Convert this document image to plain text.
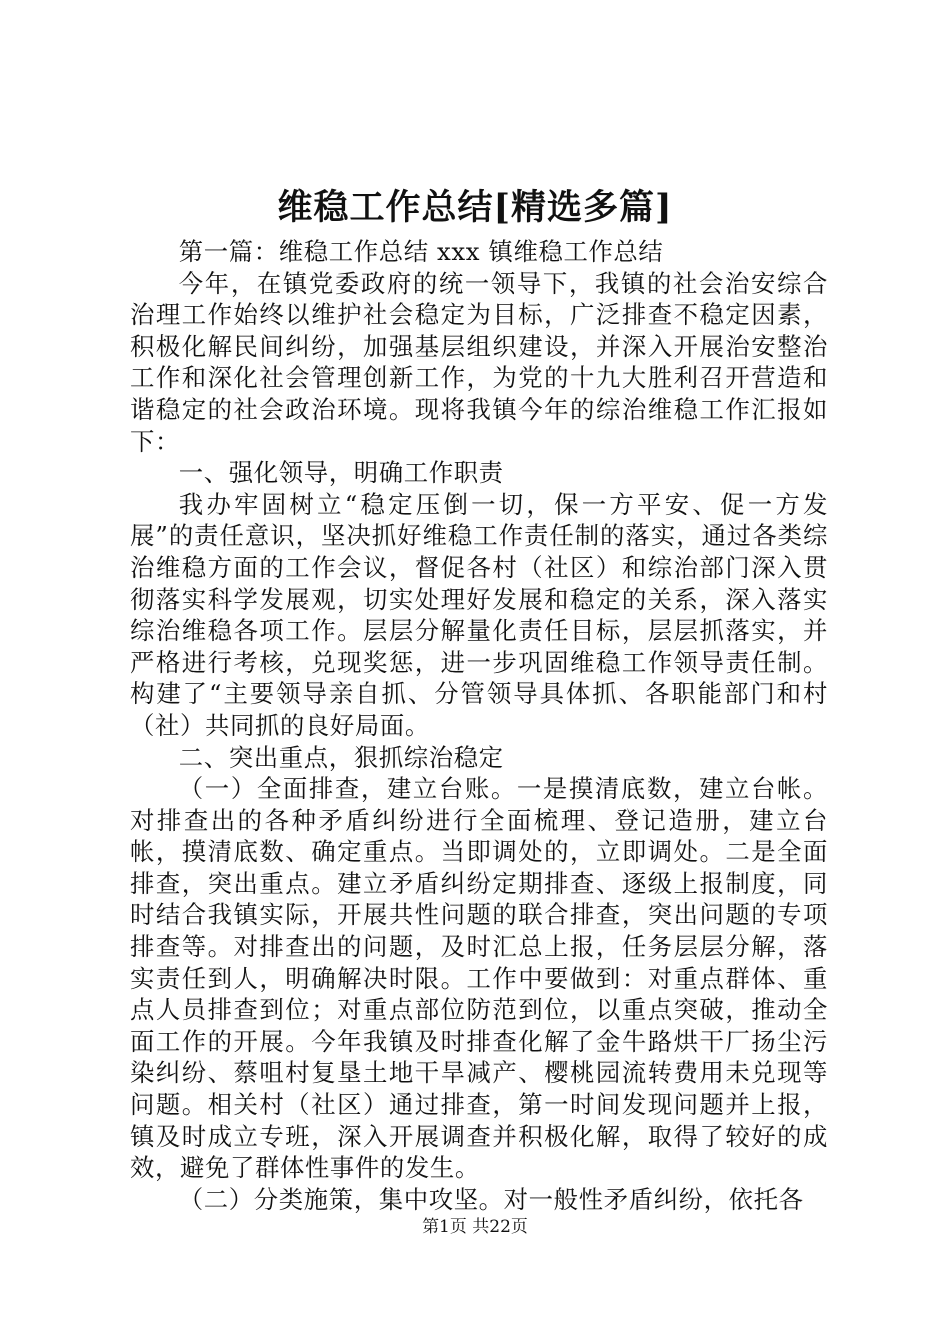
维稳工作总结[精选多篇]

第一篇：维稳工作总结 xxx 镇维稳工作总结

今年，在镇党委政府的统一领导下，我镇的社会治安综合治理工作始终以维护社会稳定为目标，广泛排查不稳定因素，积极化解民间纠纷，加强基层组织建设，并深入开展治安整治工作和深化社会管理创新工作，为党的十九大胜利召开营造和谐稳定的社会政治环境。现将我镇今年的综治维稳工作汇报如下：

一、强化领导，明确工作职责

我办牢固树立“稳定压倒一切，保一方平安、促一方发展”的责任意识，坚决抓好维稳工作责任制的落实，通过各类综治维稳方面的工作会议，督促各村（社区）和综治部门深入贯彻落实科学发展观，切实处理好发展和稳定的关系，深入落实综治维稳各项工作。层层分解量化责任目标，层层抓落实，并严格进行考核，兑现奖惩，进一步巩固维稳工作领导责任制。构建了“主要领导亲自抓、分管领导具体抓、各职能部门和村（社）共同抓的良好局面。

二、突出重点，狠抓综治稳定

（一）全面排查，建立台账。一是摸清底数，建立台帐。对排查出的各种矛盾纠纷进行全面梳理、登记造册，建立台帐，摸清底数、确定重点。当即调处的，立即调处。二是全面排查，突出重点。建立矛盾纠纷定期排查、逐级上报制度，同时结合我镇实际，开展共性问题的联合排查，突出问题的专项排查等。对排查出的问题，及时汇总上报，任务层层分解，落实责任到人，明确解决时限。工作中要做到：对重点群体、重点人员排查到位；对重点部位防范到位，以重点突破，推动全面工作的开展。今年我镇及时排查化解了金牛路烘干厂扬尘污染纠纷、蔡咀村复垦土地干旱减产、樱桃园流转费用未兑现等问题。相关村（社区）通过排查，第一时间发现问题并上报，镇及时成立专班，深入开展调查并积极化解，取得了较好的成效，避免了群体性事件的发生。

（二）分类施策，集中攻坚。对一般性矛盾纠纷，依托各

第1页 共22页
